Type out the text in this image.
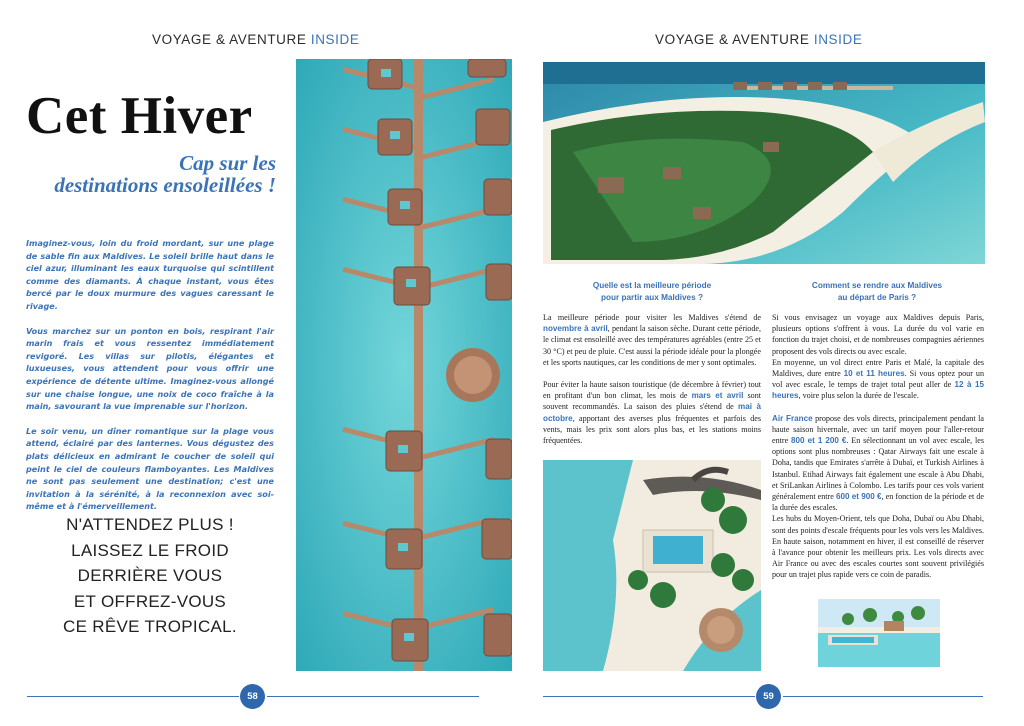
VOYAGE & AVENTURE INSIDE	VOYAGE & AVENTURE INSIDE
Cet Hiver
Cap sur les
destinations ensoleillées !

Imaginez-vous, loin du froid mordant, sur une plage de sable fin aux Maldives. Le soleil brille haut dans le ciel azur, illuminant les eaux turquoise qui scintillent comme des diamants. À chaque instant, vous êtes bercé par le doux murmure des vagues caressant le rivage.

Vous marchez sur un ponton en bois, respirant l'air marin frais et vous ressentez immédiatement revigoré. Les villas sur pilotis, élégantes et luxueuses, vous attendent pour vous offrir une expérience de détente ultime. Imaginez-vous allongé sur une chaise longue, une noix de coco fraîche à la main, savourant la vue imprenable sur l'horizon.

Le soir venu, un dîner romantique sur la plage vous attend, éclairé par des lanternes. Vous dégustez des plats délicieux en admirant le coucher de soleil qui peint le ciel de couleurs flamboyantes. Les Maldives ne sont pas seulement une destination; c'est une invitation à la sérénité, à la reconnexion avec soi-même et à l'émerveillement.

N'ATTENDEZ PLUS !
LAISSEZ LE FROID
DERRIÈRE VOUS
ET OFFREZ-VOUS
CE RÊVE TROPICAL.
Quelle est la meilleure période
pour partir aux Maldives ?
Comment se rendre aux Maldives
au départ de Paris ?

La meilleure période pour visiter les Maldives s'étend de novembre à avril, pendant la saison sèche. Durant cette période, le climat est ensoleillé avec des températures agréables (entre 25 et 30 °C) et peu de pluie. C'est aussi la période idéale pour la plongée et les sports nautiques, car les conditions de mer y sont optimales.

Pour éviter la haute saison touristique (de décembre à février) tout en profitant d'un bon climat, les mois de mars et avril sont souvent recommandés. La saison des pluies s'étend de mai à octobre, apportant des averses plus fréquentes et parfois des vents, mais les prix sont alors plus bas, et les stations moins fréquentées.

Si vous envisagez un voyage aux Maldives depuis Paris, plusieurs options s'offrent à vous. La durée du vol varie en fonction du trajet choisi, et de nombreuses compagnies aériennes proposent des vols directs ou avec escale.

En moyenne, un vol direct entre Paris et Malé, la capitale des Maldives, dure entre 10 et 11 heures. Si vous optez pour un vol avec escale, le temps de trajet total peut aller de 12 à 15 heures, voire plus selon la durée de l'escale.

Air France propose des vols directs, principalement pendant la haute saison hivernale, avec un tarif moyen pour l'aller-retour entre 800 et 1 200 €. En sélectionnant un vol avec escale, les options sont plus nombreuses : Qatar Airways fait une escale à Doha, tandis que Emirates s'arrête à Dubaï, et Turkish Airlines à Istanbul. Etihad Airways fait également une escale à Abu Dhabi, et SriLankan Airlines à Colombo. Les tarifs pour ces vols varient généralement entre 600 et 900 €, en fonction de la période et de la durée des escales.

Les hubs du Moyen-Orient, tels que Doha, Dubaï ou Abu Dhabi, sont des points d'escale fréquents pour les vols vers les Maldives. En haute saison, notamment en hiver, il est conseillé de réserver à l'avance pour obtenir les meilleurs prix. Les vols directs avec Air France ou avec des escales courtes sont souvent privilégiés pour un trajet plus rapide vers ce coin de paradis.

58	59
